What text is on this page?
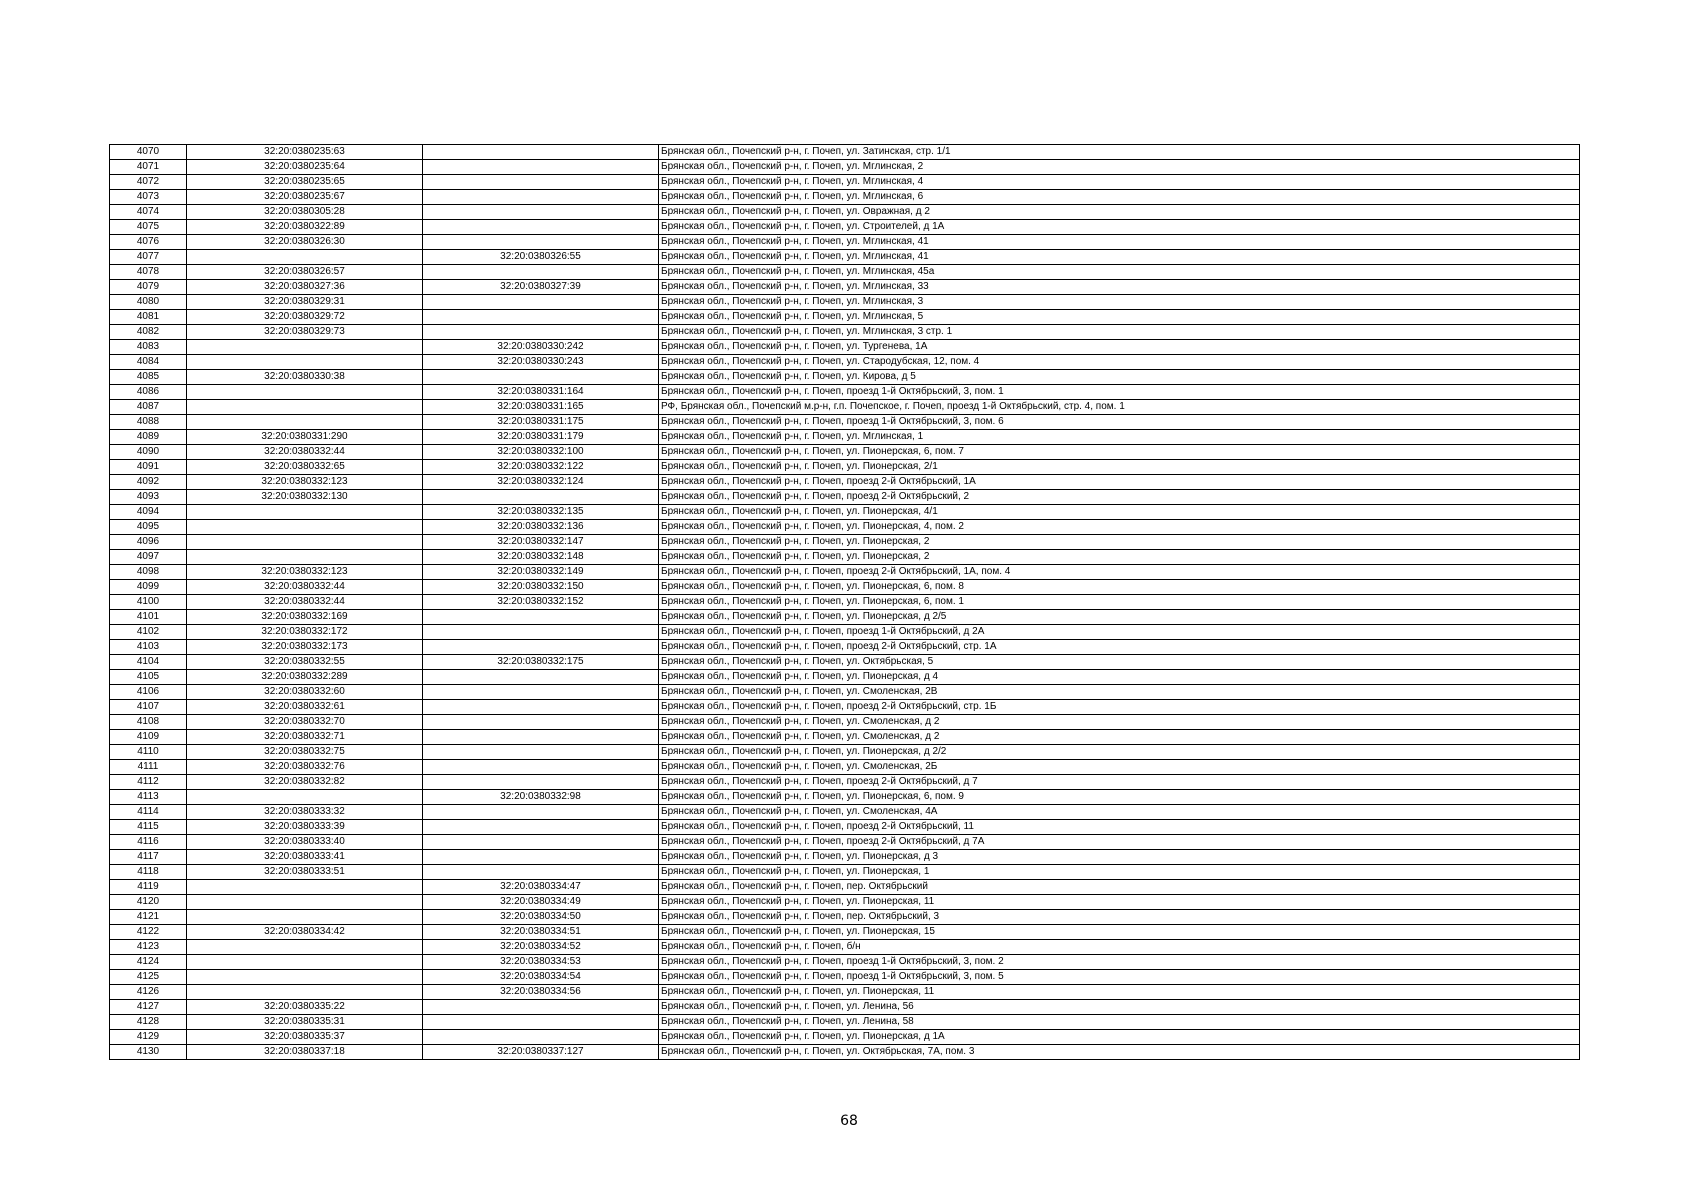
4070	32:20:0380235:63		Брянская обл., Почепский р-н, г. Почеп, ул. Затинская, стр. 1/1
4071	32:20:0380235:64		Брянская обл., Почепский р-н, г. Почеп, ул. Мглинская, 2
4072	32:20:0380235:65		Брянская обл., Почепский р-н, г. Почеп, ул. Мглинская, 4
4073	32:20:0380235:67		Брянская обл., Почепский р-н, г. Почеп, ул. Мглинская, 6
4074	32:20:0380305:28		Брянская обл., Почепский р-н, г. Почеп, ул. Овражная, д 2
4075	32:20:0380322:89		Брянская обл., Почепский р-н, г. Почеп, ул. Строителей, д 1А
4076	32:20:0380326:30		Брянская обл., Почепский р-н, г. Почеп, ул. Мглинская, 41
4077		32:20:0380326:55	Брянская обл., Почепский р-н, г. Почеп, ул. Мглинская, 41
4078	32:20:0380326:57		Брянская обл., Почепский р-н, г. Почеп, ул. Мглинская, 45а
4079	32:20:0380327:36	32:20:0380327:39	Брянская обл., Почепский р-н, г. Почеп, ул. Мглинская, 33
4080	32:20:0380329:31		Брянская обл., Почепский р-н, г. Почеп, ул. Мглинская, 3
4081	32:20:0380329:72		Брянская обл., Почепский р-н, г. Почеп, ул. Мглинская, 5
4082	32:20:0380329:73		Брянская обл., Почепский р-н, г. Почеп, ул. Мглинская, 3 стр. 1
4083		32:20:0380330:242	Брянская обл., Почепский р-н, г. Почеп, ул. Тургенева, 1А
4084		32:20:0380330:243	Брянская обл., Почепский р-н, г. Почеп, ул. Стародубская, 12, пом. 4
4085	32:20:0380330:38		Брянская обл., Почепский р-н, г. Почеп, ул. Кирова, д 5
4086		32:20:0380331:164	Брянская обл., Почепский р-н, г. Почеп, проезд 1-й Октябрьский, 3, пом. 1
4087		32:20:0380331:165	РФ, Брянская обл., Почепский м.р-н, г.п. Почепское, г. Почеп, проезд 1-й Октябрьский, стр. 4, пом. 1
4088		32:20:0380331:175	Брянская обл., Почепский р-н, г. Почеп, проезд 1-й Октябрьский, 3, пом. 6
4089	32:20:0380331:290	32:20:0380331:179	Брянская обл., Почепский р-н, г. Почеп, ул. Мглинская, 1
4090	32:20:0380332:44	32:20:0380332:100	Брянская обл., Почепский р-н, г. Почеп, ул. Пионерская, 6, пом. 7
4091	32:20:0380332:65	32:20:0380332:122	Брянская обл., Почепский р-н, г. Почеп, ул. Пионерская, 2/1
4092	32:20:0380332:123	32:20:0380332:124	Брянская обл., Почепский р-н, г. Почеп, проезд 2-й Октябрьский, 1А
4093	32:20:0380332:130		Брянская обл., Почепский р-н, г. Почеп, проезд 2-й Октябрьский, 2
4094		32:20:0380332:135	Брянская обл., Почепский р-н, г. Почеп, ул. Пионерская, 4/1
4095		32:20:0380332:136	Брянская обл., Почепский р-н, г. Почеп, ул. Пионерская, 4, пом. 2
4096		32:20:0380332:147	Брянская обл., Почепский р-н, г. Почеп, ул. Пионерская, 2
4097		32:20:0380332:148	Брянская обл., Почепский р-н, г. Почеп, ул. Пионерская, 2
4098	32:20:0380332:123	32:20:0380332:149	Брянская обл., Почепский р-н, г. Почеп, проезд 2-й Октябрьский, 1А, пом. 4
4099	32:20:0380332:44	32:20:0380332:150	Брянская обл., Почепский р-н, г. Почеп, ул. Пионерская, 6, пом. 8
4100	32:20:0380332:44	32:20:0380332:152	Брянская обл., Почепский р-н, г. Почеп, ул. Пионерская, 6, пом. 1
4101	32:20:0380332:169		Брянская обл., Почепский р-н, г. Почеп, ул. Пионерская, д 2/5
4102	32:20:0380332:172		Брянская обл., Почепский р-н, г. Почеп, проезд 1-й Октябрьский, д 2А
4103	32:20:0380332:173		Брянская обл., Почепский р-н, г. Почеп, проезд 2-й Октябрьский, стр. 1А
4104	32:20:0380332:55	32:20:0380332:175	Брянская обл., Почепский р-н, г. Почеп, ул. Октябрьская, 5
4105	32:20:0380332:289		Брянская обл., Почепский р-н, г. Почеп, ул. Пионерская, д 4
4106	32:20:0380332:60		Брянская обл., Почепский р-н, г. Почеп, ул. Смоленская, 2В
4107	32:20:0380332:61		Брянская обл., Почепский р-н, г. Почеп, проезд 2-й Октябрьский, стр. 1Б
4108	32:20:0380332:70		Брянская обл., Почепский р-н, г. Почеп, ул. Смоленская, д 2
4109	32:20:0380332:71		Брянская обл., Почепский р-н, г. Почеп, ул. Смоленская, д 2
4110	32:20:0380332:75		Брянская обл., Почепский р-н, г. Почеп, ул. Пионерская, д 2/2
4111	32:20:0380332:76		Брянская обл., Почепский р-н, г. Почеп, ул. Смоленская, 2Б
4112	32:20:0380332:82		Брянская обл., Почепский р-н, г. Почеп, проезд 2-й Октябрьский, д 7
4113		32:20:0380332:98	Брянская обл., Почепский р-н, г. Почеп, ул. Пионерская, 6, пом. 9
4114	32:20:0380333:32		Брянская обл., Почепский р-н, г. Почеп, ул. Смоленская, 4А
4115	32:20:0380333:39		Брянская обл., Почепский р-н, г. Почеп, проезд 2-й Октябрьский, 11
4116	32:20:0380333:40		Брянская обл., Почепский р-н, г. Почеп, проезд 2-й Октябрьский, д 7А
4117	32:20:0380333:41		Брянская обл., Почепский р-н, г. Почеп, ул. Пионерская, д 3
4118	32:20:0380333:51		Брянская обл., Почепский р-н, г. Почеп, ул. Пионерская, 1
4119		32:20:0380334:47	Брянская обл., Почепский р-н, г. Почеп, пер. Октябрьский
4120		32:20:0380334:49	Брянская обл., Почепский р-н, г. Почеп, ул. Пионерская, 11
4121		32:20:0380334:50	Брянская обл., Почепский р-н, г. Почеп, пер. Октябрьский, 3
4122	32:20:0380334:42	32:20:0380334:51	Брянская обл., Почепский р-н, г. Почеп, ул. Пионерская, 15
4123		32:20:0380334:52	Брянская обл., Почепский р-н, г. Почеп, б/н
4124		32:20:0380334:53	Брянская обл., Почепский р-н, г. Почеп, проезд 1-й Октябрьский, 3, пом. 2
4125		32:20:0380334:54	Брянская обл., Почепский р-н, г. Почеп, проезд 1-й Октябрьский, 3, пом. 5
4126		32:20:0380334:56	Брянская обл., Почепский р-н, г. Почеп, ул. Пионерская, 11
4127	32:20:0380335:22		Брянская обл., Почепский р-н, г. Почеп, ул. Ленина, 56
4128	32:20:0380335:31		Брянская обл., Почепский р-н, г. Почеп, ул. Ленина, 58
4129	32:20:0380335:37		Брянская обл., Почепский р-н, г. Почеп, ул. Пионерская, д 1А
4130	32:20:0380337:18	32:20:0380337:127	Брянская обл., Почепский р-н, г. Почеп, ул. Октябрьская, 7А, пом. 3
68
